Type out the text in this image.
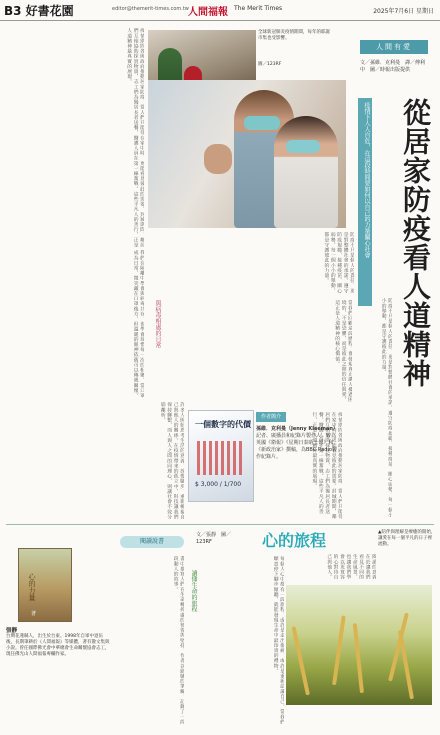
B3 好書花園	editor@themerit-times.com.tw 人間福報 The Merit Times	2025年7月6日 星期日
疫情期間各國政府推動居家防疫，當人們只能待在家中時，更能看見彼此的需要。封城期間，鄰居們互相協助採買物資，志工們為獨居長者送餐，醫護人員在第一線奮戰。這些平凡人的善行，正是人道精神最真實的展現。
我們在隔離中學會與病毒共存，也學會珍惜每一次的相聚。當口罩成為日常，微笑藏在口罩後方，但溫暖的眼神依舊可以傳遞關懷。
許多人開始思考生活的意義，放慢腳步，重新檢視自己與他人的關係。在疫情帶來的孤立中，科技讓我們保持聯繫，而人與人之間的同理心，則讓社會不致分崩離析。
防疫不只是個人的責任，更是對整體社會的承諾。遵守防疫規範、接種疫苗、關心弱勢，每一個小小的舉動，都是守護彼此的力量。
當我們回顧這段歷程，會發現真正讓人撐過困境的，不是恐懼，而是彼此之間的信任與愛。這正是人道精神的核心價值。
疫情期間各國政府推動居家防疫，當人們只能待在家中時，更能看見彼此的需要。封城期間，鄰居們互相協助採買物資，志工們為獨居長者送餐，醫護人員在第一線奮戰。這些平凡人的善行，正是人道精神最真實的展現。
全球新冠肺炎疫情期間，每年的耶誕市集也受影響。
圖／123RF
人間有愛
文／孫維．克利曼　譯／傅利中　圖／時報出版提供
疫情下人人自危，在這段時間要如何以自己的力量關心社會 從居家防疫看人道精神
防疫不只是個人的責任，更是對整體社會的承諾。遵守防疫規範、接種疫苗、關心弱勢，每一個小小的舉動，都是守護彼此的力量。
與病毒相處的日常
一個數字的代價
$ 3,000 / 1/700
作者簡介
孫維．克利曼（Jenny Kleeman）
記者、廣播員和紀錄片製作人，曾為英國《衛報》《星期日泰晤士報》和《新政治家》撰稿，為BBC Radio製作紀錄片。
心的力量
著
張靜
台灣花蓮縣人，出生於台東。1998年自軍中退伍後，長期筆耕於《人間福報》等媒體，著有散文集與小說。曾任國際佛光會中華總會生命關懷協會志工，現任佛光山人間福報專欄作家。
閱讀說書
文／張靜　圖／123RF	心的旅程	▲陪伴與理解是療癒的開始，讓愛在每一個平凡的日子裡流動。
讀懂生命的旅程
書中描寫人們在生命轉折處的徬徨與堅持，作者以細膩的筆觸，記錄了一段段動人的故事。	每個人心中都有一段旅程，或許是走出傷痛，或許是重新認識自己。當我們願意停下腳步傾聽，就能發現生命中最珍貴的禮物。	閱讀的意義在於讓我們看見不同的生命風景，也讓我們學會以更寬容的心對待自己與他人。
